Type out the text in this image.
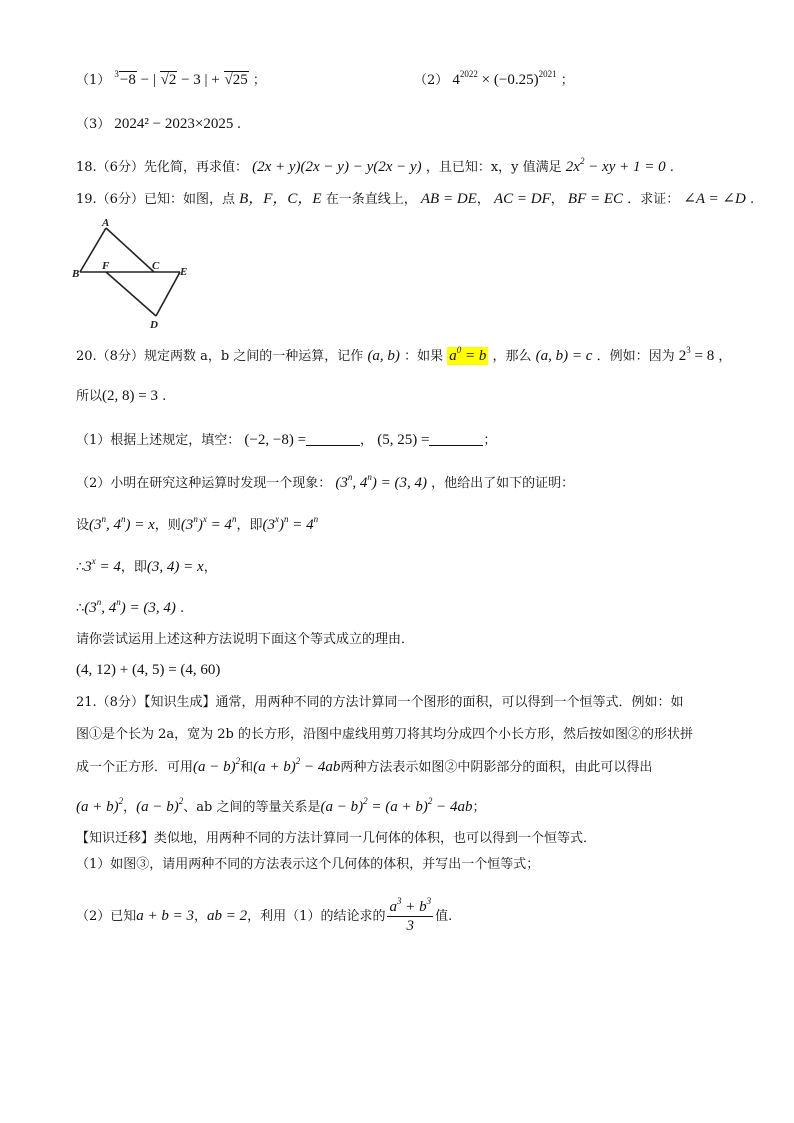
（1） $^3$−8 − | √2 − 3 | + √25 ；	（2） $4^{2022} \times (-0.25)^{2021}$ ；
（3） 2024² − 2023×2025 .
18.（6分）先化简，再求值： (2x + y)(2x − y) − y(2x − y) ，且已知：x，y 值满足 $2x^2$ − xy + 1 = 0 .
19.（6分）已知：如图，点 B，F，C，E 在一条直线上， AB = DE， AC = DF， BF = EC ．求证： ∠A = ∠D .
A
B
F	C E
D
20.（8分）规定两数 a，b 之间的一种运算，记作 (a, b) ：如果 $a^0 = b$ ，那么 (a, b) = c ．例如：因为 $2^3 = 8$ ，
所以(2, 8) = 3 .
（1）根据上述规定，填空： (−2, −8) =	， (5, 25) =	；
（2）小明在研究这种运算时发现一个现象： (3$^n$, $4^n) = (3$, 4) ，他给出了如下的证明：
设(3$^n$, $4^n) = x$，则$(3^n)^x = 4^n$，即$(3^x)^n = 4^n$
$\therefore 3^x = 4$，即(3, 4) = x，
∴(3$^n$, $4^n) = (3$, 4) .
请你尝试运用上述这种方法说明下面这个等式成立的理由．
(4, 12) + (4, 5) = (4, 60)
21.（8分）【知识生成】通常，用两种不同的方法计算同一个图形的面积，可以得到一个恒等式．例如：如
图①是个长为 2a，宽为 2b 的长方形，沿图中虚线用剪刀将其均分成四个小长方形，然后按如图②的形状拼
成一个正方形．可用$(a - b)^2$和$(a + b)^2 - 4ab$两种方法表示如图②中阴影部分的面积，由此可以得出
$(a + b)^2$，$(a - b)^2$、ab 之间的等量关系是$(a - b)^2 = (a + b)^2 - 4ab$；
【知识迁移】类似地，用两种不同的方法计算同一几何体的体积，也可以得到一个恒等式．
（1）如图③，请用两种不同的方法表示这个几何体的体积，并写出一个恒等式；
（2）已知a + b = 3，ab = 2，利用（1）的结论求的 $\frac{a^3 + b^3}{3}$ 值.
